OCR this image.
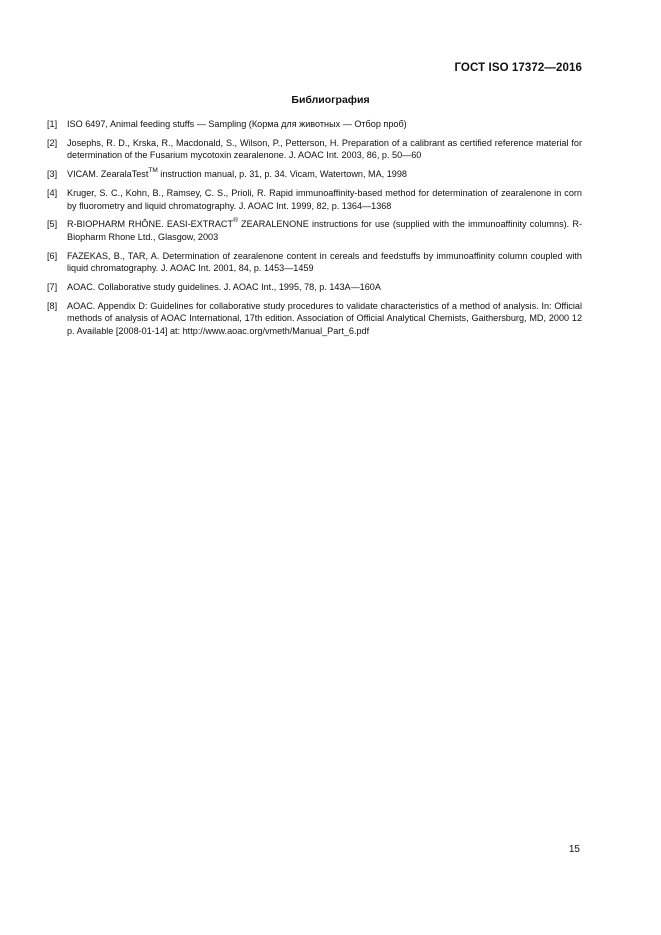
ГОСТ ISO 17372—2016
Библиография
[1]	ISO 6497, Animal feeding stuffs — Sampling (Корма для животных — Отбор проб)
[2]	Josephs, R. D., Krska, R., Macdonald, S., Wilson, P., Petterson, H. Preparation of a calibrant as certified reference material for determination of the Fusarium mycotoxin zearalenone. J. AOAC Int. 2003, 86, p. 50—60
[3]	VICAM. ZearalaTest™ instruction manual, p. 31, p. 34. Vicam, Watertown, MA, 1998
[4]	Kruger, S. C., Kohn, B., Ramsey, C. S., Prioli, R. Rapid immunoaffinity-based method for determination of zearalenone in corn by fluorometry and liquid chromatography. J. AOAC Int. 1999, 82, p. 1364—1368
[5]	R-BIOPHARM RHÔNE. EASI-EXTRACT® ZEARALENONE instructions for use (supplied with the immunoaffinity columns). R-Biopharm Rhone Ltd., Glasgow, 2003
[6]	FAZEKAS, B., TAR, A. Determination of zearalenone content in cereals and feedstuffs by immunoaffinity column coupled with liquid chromatography. J. AOAC Int. 2001, 84, p. 1453—1459
[7]	AOAC. Collaborative study guidelines. J. AOAC Int., 1995, 78, p. 143A—160A
[8]	AOAC. Appendix D: Guidelines for collaborative study procedures to validate characteristics of a method of analysis. In: Official methods of analysis of AOAC International, 17th edition. Association of Official Analytical Chemists, Gaithersburg, MD, 2000 12 p. Available [2008-01-14] at: http://www.aoac.org/vmeth/Manual_Part_6.pdf
15
